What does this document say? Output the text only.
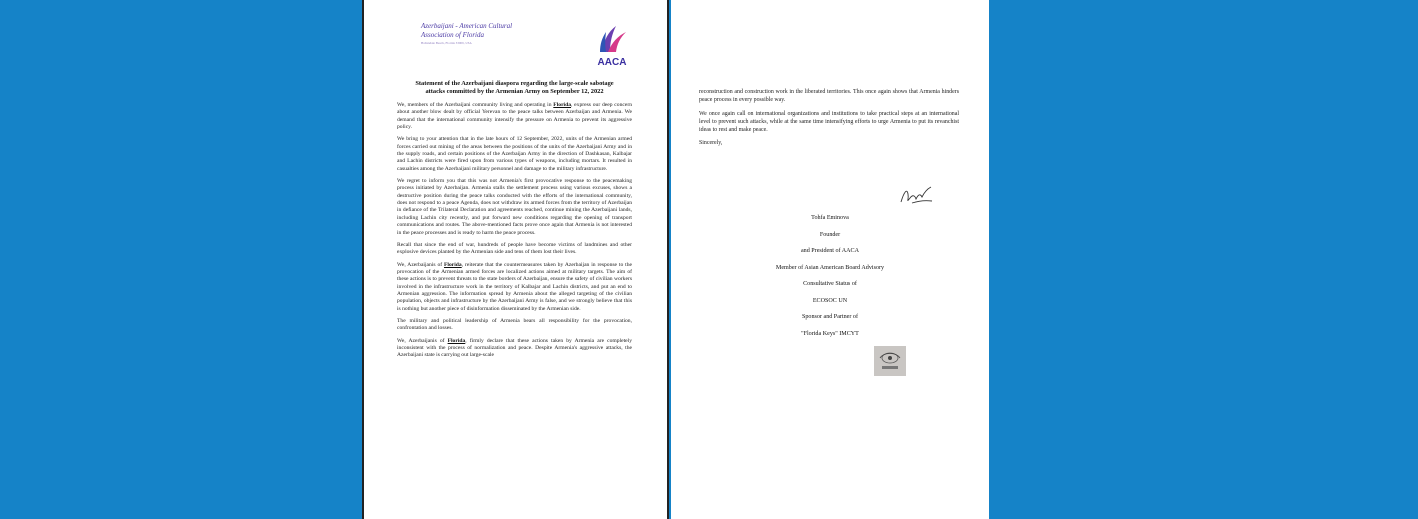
Azerbaijani - American Cultural
Association of Florida
Hallandale Beach, Florida 33009, USA
AACA
Statement of the Azerbaijani diaspora regarding the large-scale sabotage
attacks committed by the Armenian Army on September 12, 2022

We, members of the Azerbaijani community living and operating in Florida, express our deep concern about another blow dealt by official Yerevan to the peace talks between Azerbaijan and Armenia. We demand that the international community intensify the pressure on Armenia to prevent its aggressive policy.

We bring to your attention that in the late hours of 12 September, 2022, units of the Armenian armed forces carried out mining of the areas between the positions of the units of the Azerbaijani Army and in the supply roads, and certain positions of the Azerbaijan Army in the direction of Dashkasan, Kalbajar and Lachin districts were fired upon from various types of weapons, including mortars. It resulted in casualties among the Azerbaijani military personnel and damage to the military infrastructure.

We regret to inform you that this was not Armenia's first provocative response to the peacemaking process initiated by Azerbaijan. Armenia stalls the settlement process using various excuses, shows a destructive position during the peace talks conducted with the efforts of the international community, does not respond to a peace Agenda, does not withdraw its armed forces from the territory of Azerbaijan in defiance of the Trilateral Declaration and agreements reached, continue mining the Azerbaijani lands, including Lachin city recently, and put forward new conditions regarding the opening of transport communications and routes. The above-mentioned facts prove once again that Armenia is not interested in the peace processes and is ready to harm the peace process.

Recall that since the end of war, hundreds of people have become victims of landmines and other explosive devices planted by the Armenian side and tens of them lost their lives.

We, Azerbaijanis of Florida, reiterate that the countermeasures taken by Azerbaijan in response to the provocation of the Armenian armed forces are localized actions aimed at military targets. The aim of these actions is to prevent threats to the state borders of Azerbaijan, ensure the safety of civilian workers involved in the infrastructure work in the territory of Kalbajar and Lachin districts, and put an end to Armenian aggression. The information spread by Armenia about the alleged targeting of the civilian population, objects and infrastructure by the Azerbaijani Army is false, and we strongly believe that this is nothing but another piece of disinformation disseminated by the Armenian side.

The military and political leadership of Armenia bears all responsibility for the provocation, confrontation and losses.

We, Azerbaijanis of Florida, firmly declare that these actions taken by Armenia are completely inconsistent with the process of normalization and peace. Despite Armenia's aggressive attacks, the Azerbaijani state is carrying out large-scale

reconstruction and construction work in the liberated territories. This once again shows that Armenia hinders peace process in every possible way.

We once again call on international organizations and institutions to take practical steps at an international level to prevent such attacks, while at the same time intensifying efforts to urge Armenia to put its revanchist ideas to rest and make peace.

Sincerely,
Tohfa Eminova
Founder
and President of AACA
Member of Asian American Board Advisory
Consultative Status of
ECOSOC UN
Sponsor and Partner of
"Florida Keys" IMCYT
